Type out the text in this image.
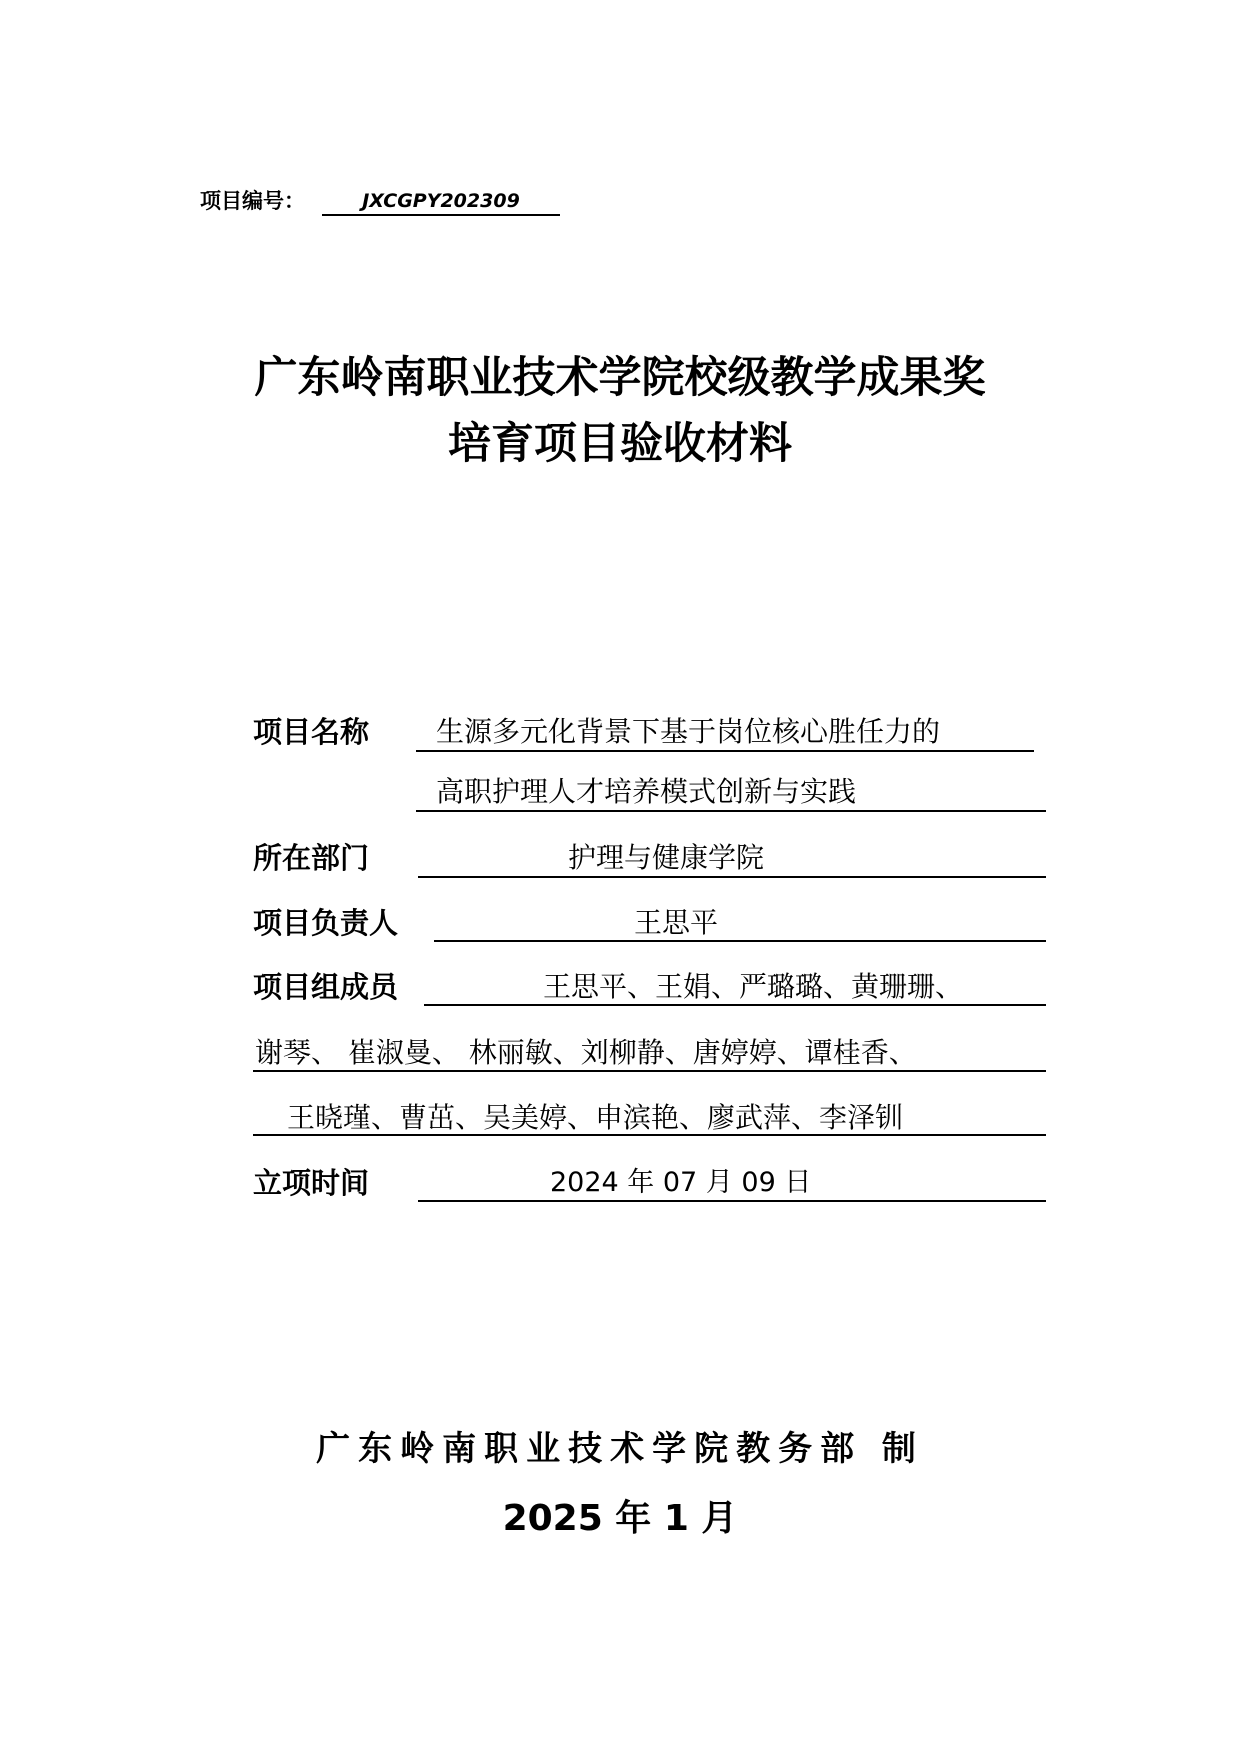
项目编号：	JXCGPY202309
广东岭南职业技术学院校级教学成果奖
培育项目验收材料
项目名称 生源多元化背景下基于岗位核心胜任力的
高职护理人才培养模式创新与实践
所在部门	护理与健康学院
项目负责人	王思平
项目组成员	王思平、王娟、严璐璐、黄珊珊、
谢琴、 崔淑曼、 林丽敏、刘柳静、唐婷婷、谭桂香、
王晓瑾、曹茁、吴美婷、申滨艳、廖武萍、李泽钏
立项时间	2024 年 07 月 09 日
广东岭南职业技术学院教务部 制
2025 年 1 月
